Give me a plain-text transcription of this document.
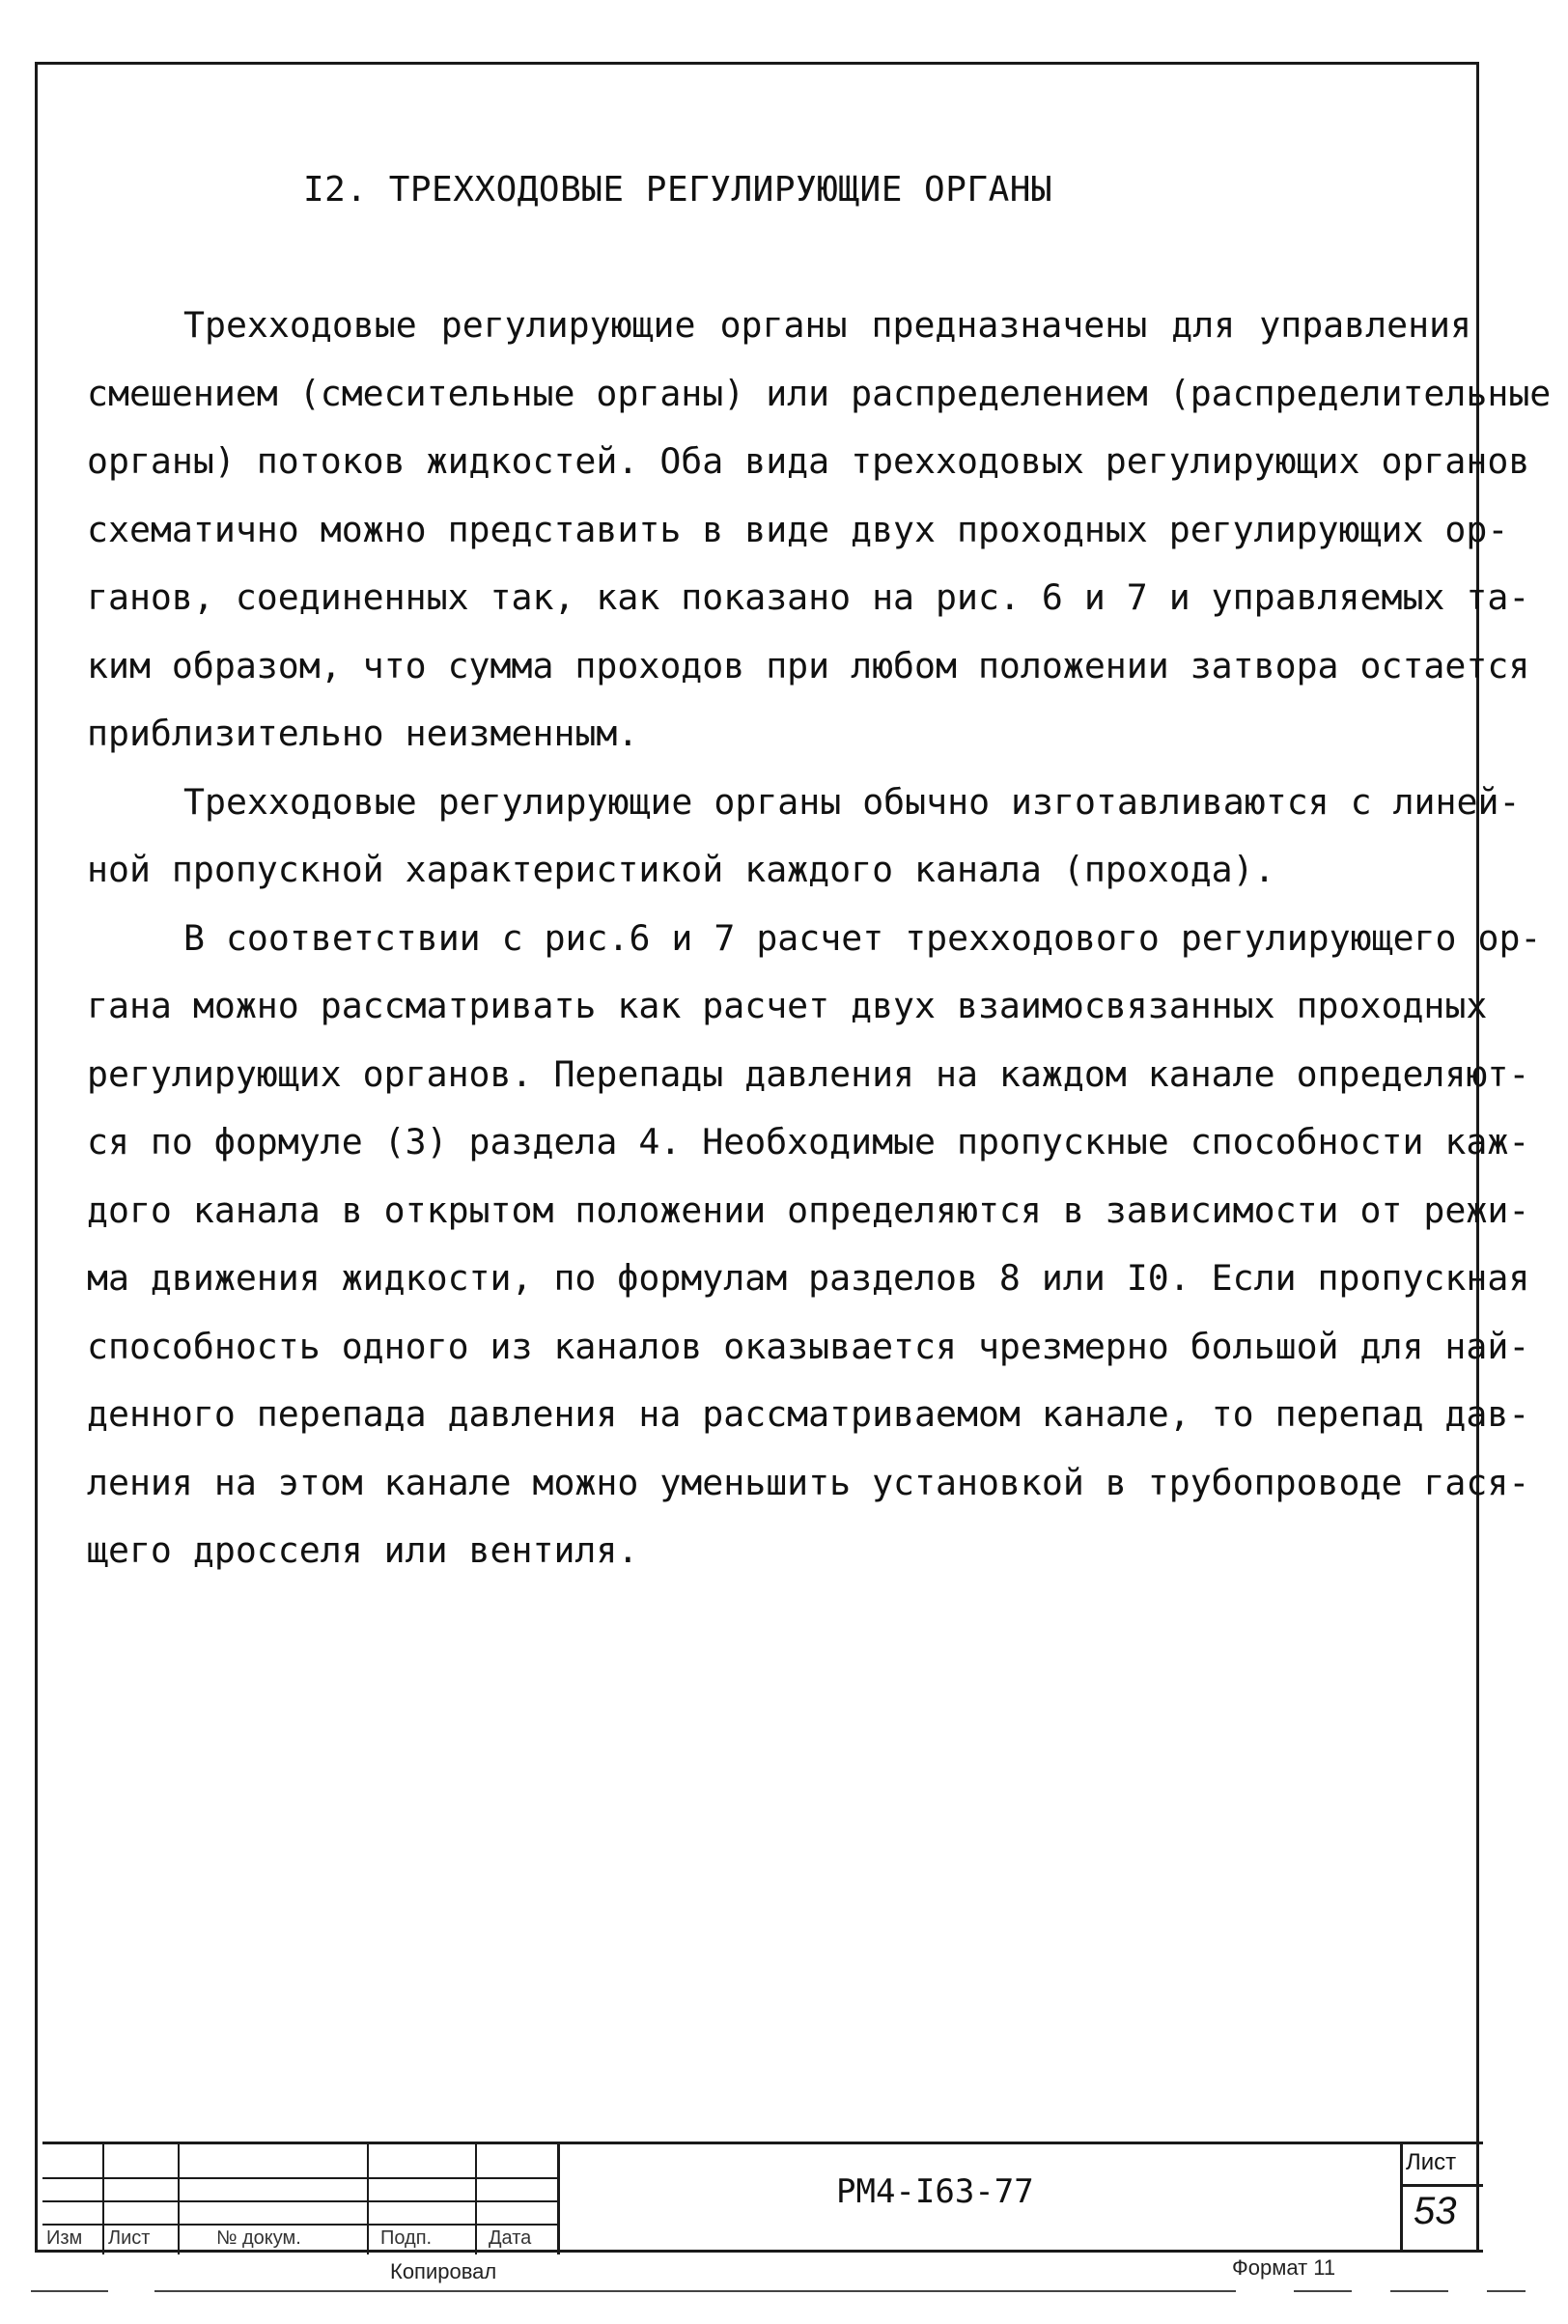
I2. ТРЕХХОДОВЫЕ РЕГУЛИРУЮЩИЕ ОРГАНЫ
Трехходовые регулирующие органы предназначены для управления
смешением (смесительные органы) или распределением (распределительные
органы) потоков жидкостей. Оба вида трехходовых регулирующих органов
схематично можно представить в виде двух проходных регулирующих ор-
ганов, соединенных так, как показано на рис. 6 и 7 и управляемых та-
ким образом, что сумма проходов при любом положении затвора остается
приблизительно неизменным.
Трехходовые регулирующие органы обычно изготавливаются с линей-
ной пропускной характеристикой каждого канала (прохода).
В соответствии с рис.6 и 7 расчет трехходового регулирующего ор-
гана можно рассматривать как расчет двух взаимосвязанных проходных
регулирующих органов. Перепады давления на каждом канале определяют-
ся по формуле (3) раздела 4. Необходимые пропускные способности каж-
дого канала в открытом положении определяются в зависимости от режи-
ма движения жидкости, по формулам разделов 8 или I0. Если пропускная
способность одного из каналов оказывается чрезмерно большой для най-
денного перепада давления на рассматриваемом канале, то перепад дав-
ления на этом канале можно уменьшить установкой в трубопроводе гася-
щего дросселя или вентиля.
Изм Лист	№ докум.	Подп.	Дата
РМ4-I63-77
Лист
53
Копировал	Формат 11
